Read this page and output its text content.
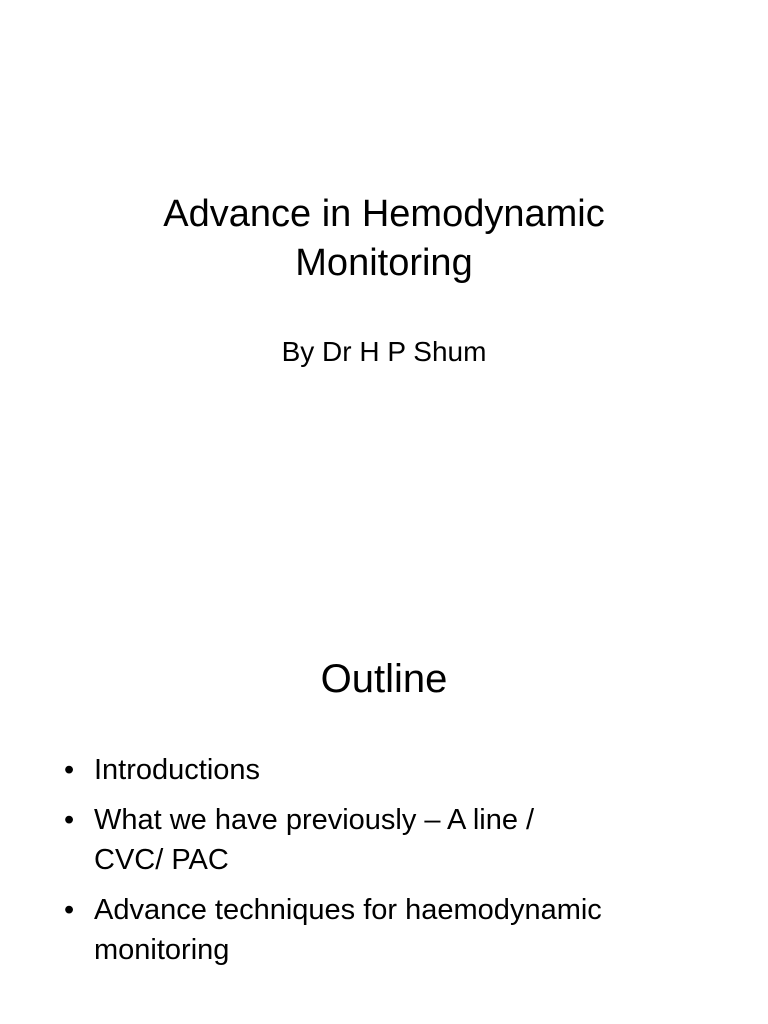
Advance in Hemodynamic
Monitoring

By Dr H P Shum

Outline
• Introductions
• What we have previously – A line /
CVC/ PAC
• Advance techniques for haemodynamic
monitoring
